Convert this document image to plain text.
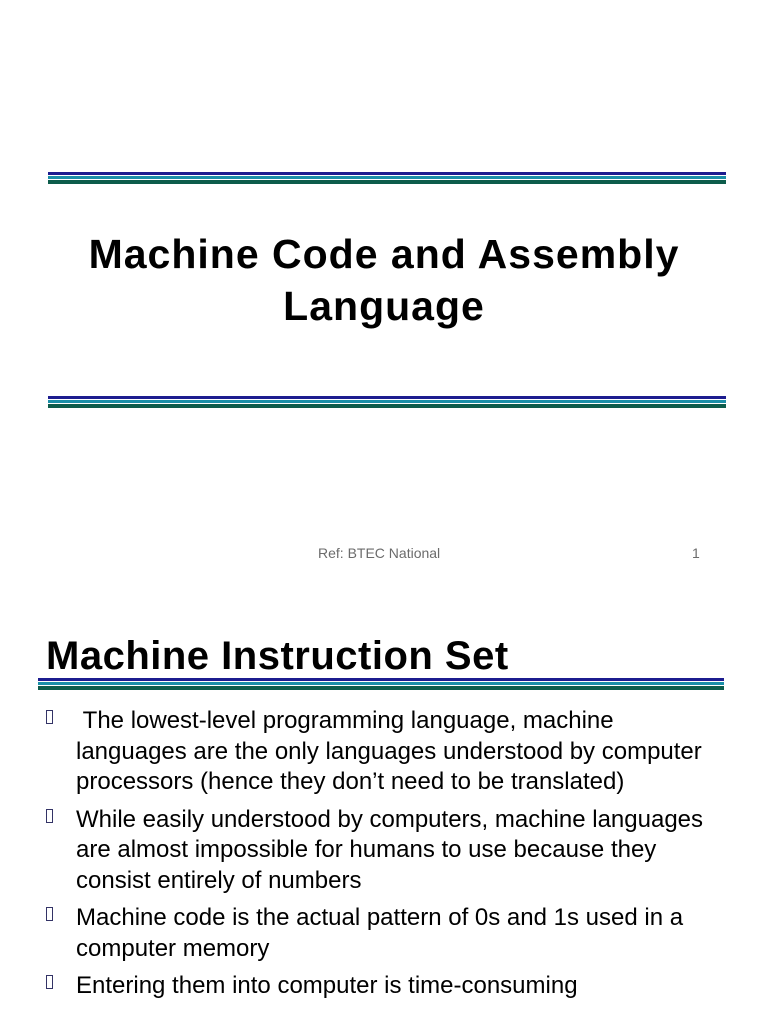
Machine Code and Assembly Language
Ref: BTEC National	1
Machine Instruction Set
The lowest-level programming language, machine languages are the only languages understood by computer processors (hence they don’t need to be translated)
While easily understood by computers, machine languages are almost impossible for humans to use because they consist entirely of numbers
Machine code is the actual pattern of 0s and 1s used in a computer memory
Entering them into computer is time-consuming
